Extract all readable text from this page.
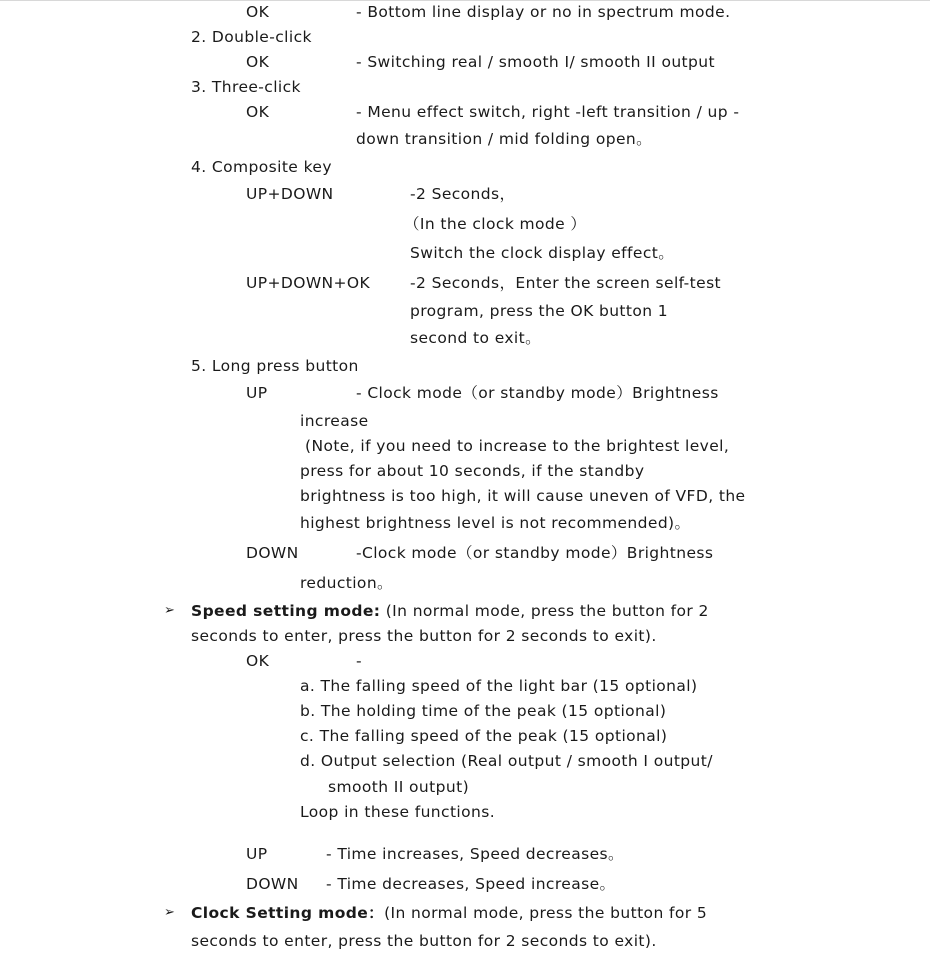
OK	- Bottom line display or no in spectrum mode.
2. Double-click
OK	- Switching real / smooth I/ smooth II output
3. Three-click
OK	- Menu effect switch, right -left transition / up -
down transition / mid folding open。
4. Composite key
UP+DOWN	-2 Seconds，
（In the clock mode ）
Switch the clock display effect。
UP+DOWN+OK	-2 Seconds，Enter the screen self-test
program, press the OK button 1
second to exit。
5. Long press button
UP	- Clock mode（or standby mode）Brightness
increase
(Note, if you need to increase to the brightest level,
press for about 10 seconds, if the standby
brightness is too high, it will cause uneven of VFD, the
highest brightness level is not recommended)。
DOWN	-Clock mode（or standby mode）Brightness
reduction。
➢ Speed setting mode: (In normal mode, press the button for 2
seconds to enter, press the button for 2 seconds to exit).
OK	-
a. The falling speed of the light bar (15 optional)
b. The holding time of the peak (15 optional)
c. The falling speed of the peak (15 optional)
d. Output selection (Real output / smooth I output/
smooth II output)
Loop in these functions.
UP	- Time increases, Speed decreases。
DOWN - Time decreases, Speed increase。
➢ Clock Setting mode：(In normal mode, press the button for 5
seconds to enter, press the button for 2 seconds to exit).
